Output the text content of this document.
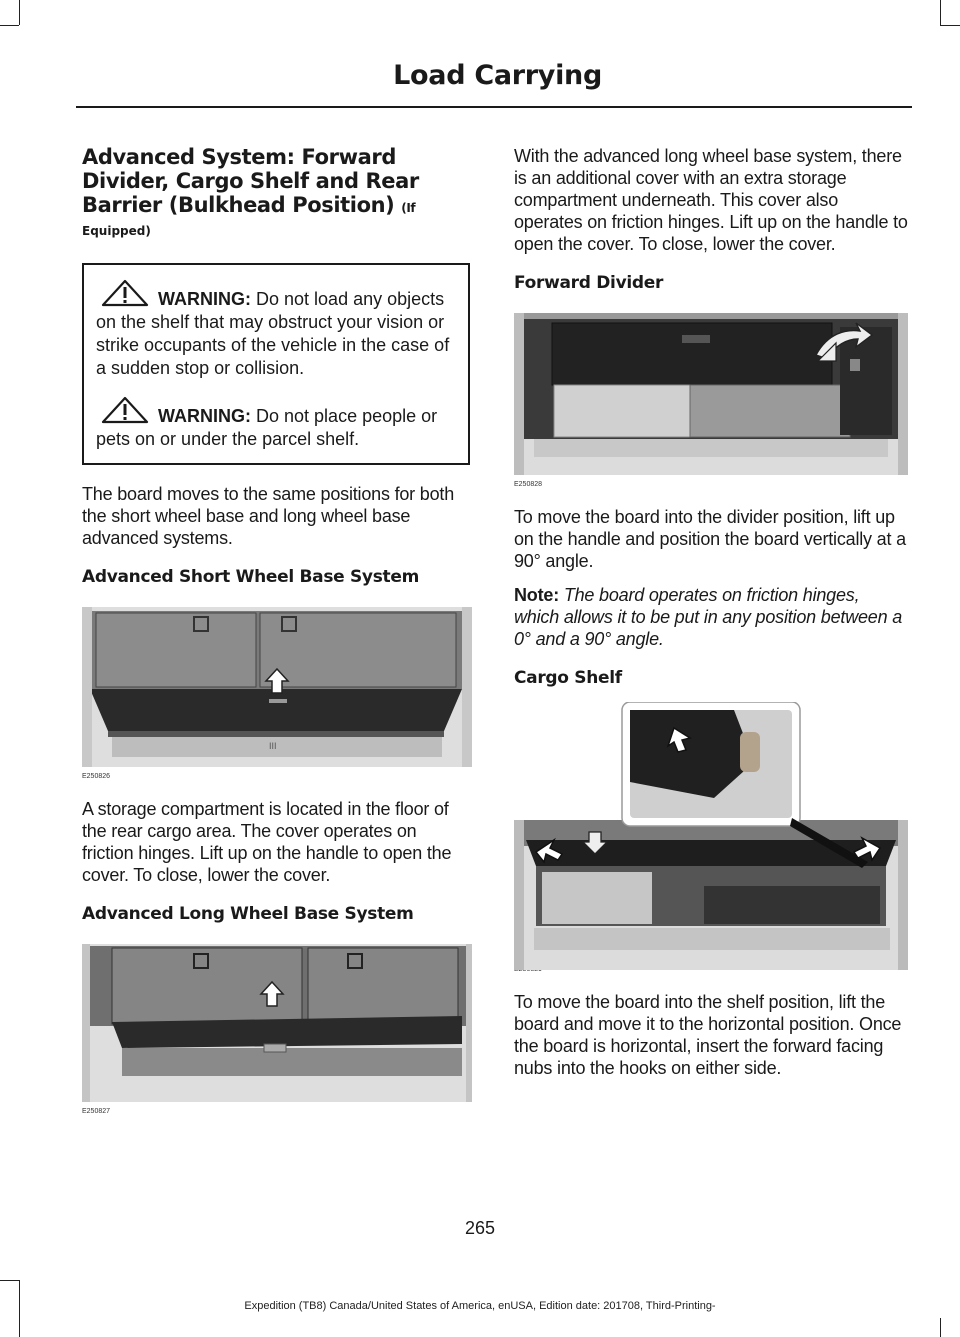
Load Carrying
Advanced System: Forward Divider, Cargo Shelf and Rear Barrier (Bulkhead Position) (If
Equipped)

WARNING: Do not load any objects on the shelf that may obstruct your vision or strike occupants of the vehicle in the case of a sudden stop or collision.

WARNING: Do not place people or pets on or under the parcel shelf.

The board moves to the same positions for both the short wheel base and long wheel base advanced systems.

Advanced Short Wheel Base System
III
E250826

A storage compartment is located in the floor of the rear cargo area. The cover operates on friction hinges. Lift up on the handle to open the cover. To close, lower the cover.

Advanced Long Wheel Base System
E250827

With the advanced long wheel base system, there is an additional cover with an extra storage compartment underneath. This cover also operates on friction hinges. Lift up on the handle to open the cover. To close, lower the cover.

Forward Divider
E250828

To move the board into the divider position, lift up on the handle and position the board vertically at a 90° angle.

Note: The board operates on friction hinges, which allows it to be put in any position between a 0° and a 90° angle.

Cargo Shelf

To move the board into the shelf position, lift the board and move it to the horizontal position. Once the board is horizontal, insert the forward facing nubs into the hooks on either side.

265
Expedition (TB8) Canada/United States of America, enUSA, Edition date: 201708, Third-Printing-
